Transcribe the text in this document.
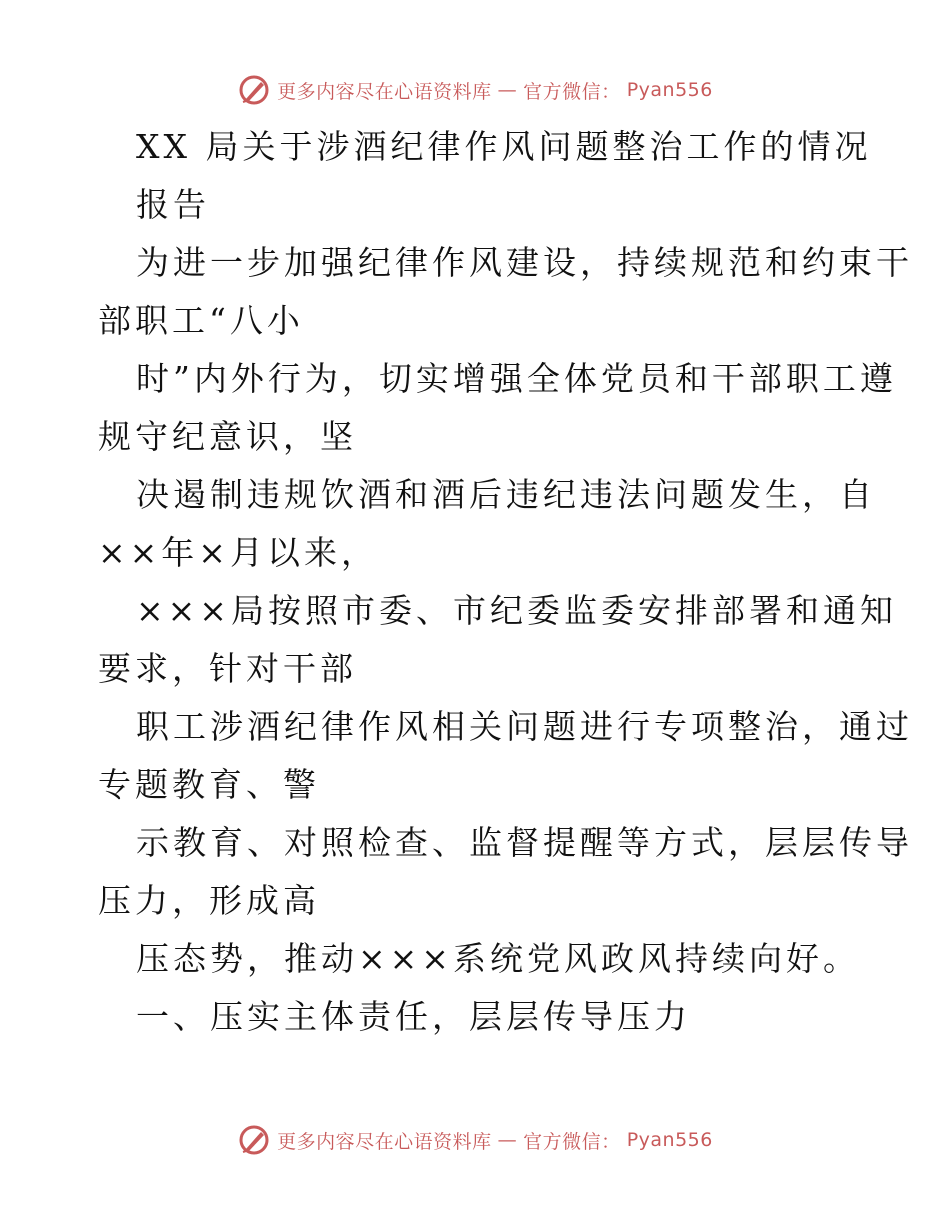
更多内容尽在心语资料库 — 官方微信： Pyan556
XX 局关于涉酒纪律作风问题整治工作的情况
报告
为进一步加强纪律作风建设，持续规范和约束干
部职工“八小
时”内外行为，切实增强全体党员和干部职工遵
规守纪意识，坚
决遏制违规饮酒和酒后违纪违法问题发生，自
××年×月以来，
×××局按照市委、市纪委监委安排部署和通知
要求，针对干部
职工涉酒纪律作风相关问题进行专项整治，通过
专题教育、警
示教育、对照检查、监督提醒等方式，层层传导
压力，形成高
压态势，推动×××系统党风政风持续向好。
一、压实主体责任，层层传导压力
更多内容尽在心语资料库 — 官方微信： Pyan556
